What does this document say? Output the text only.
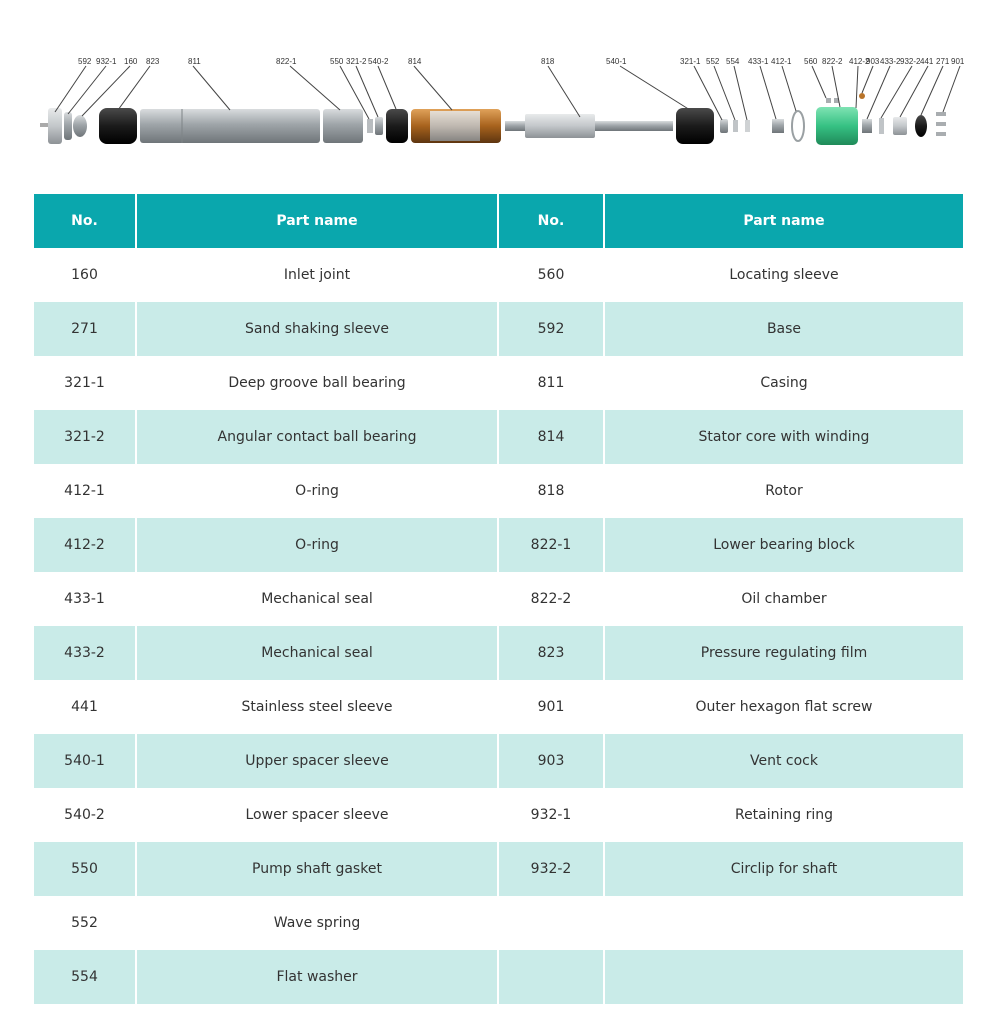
592 932-1 160 823	811	822-1	550 321-2 540-2 814	818	540-1	321-1 552 554 433-1 412-1 560 822-2 412-2
903 433-2 932-2 441 271 901
No.	Part name	No.	Part name
160	Inlet joint	560	Locating sleeve
271	Sand shaking sleeve	592	Base
321-1	Deep groove ball bearing	811	Casing
321-2	Angular contact ball bearing	814	Stator core with winding
412-1	O-ring	818	Rotor
412-2	O-ring	822-1	Lower bearing block
433-1	Mechanical seal	822-2	Oil chamber
433-2	Mechanical seal	823	Pressure regulating film
441	Stainless steel sleeve	901	Outer hexagon flat screw
540-1	Upper spacer sleeve	903	Vent cock
540-2	Lower spacer sleeve	932-1	Retaining ring
550	Pump shaft gasket	932-2	Circlip for shaft
552	Wave spring		
554	Flat washer		
